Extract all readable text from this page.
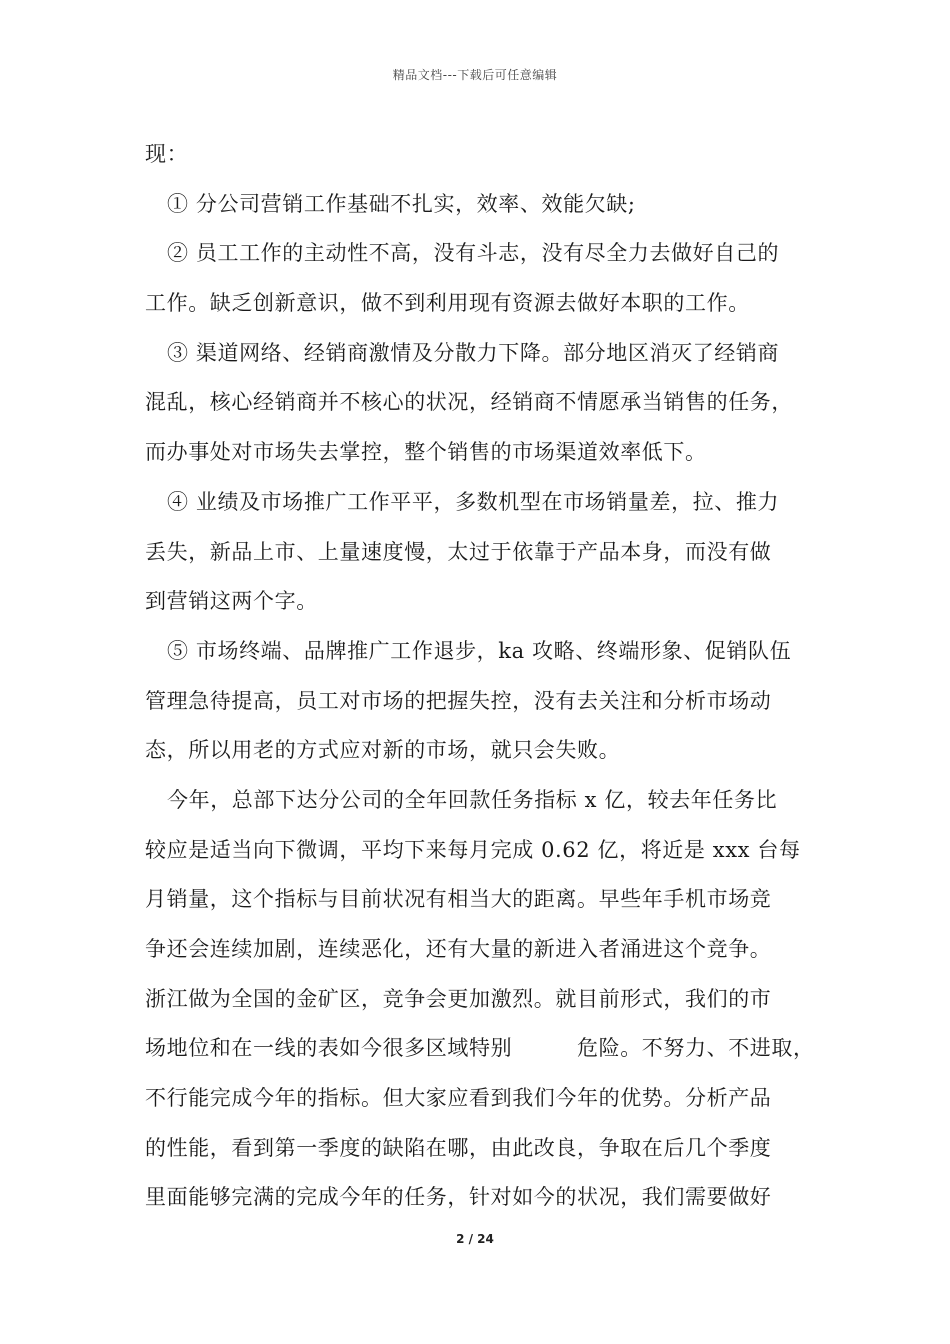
精品文档---下载后可任意编辑
现：
① 分公司营销工作基础不扎实，效率、效能欠缺;
② 员工工作的主动性不高，没有斗志，没有尽全力去做好自己的
工作。缺乏创新意识，做不到利用现有资源去做好本职的工作。
③ 渠道网络、经销商激情及分散力下降。部分地区消灭了经销商
混乱，核心经销商并不核心的状况，经销商不情愿承当销售的任务，
而办事处对市场失去掌控，整个销售的市场渠道效率低下。
④ 业绩及市场推广工作平平，多数机型在市场销量差，拉、推力
丢失，新品上市、上量速度慢，太过于依靠于产品本身，而没有做
到营销这两个字。
⑤ 市场终端、品牌推广工作退步，ka 攻略、终端形象、促销队伍
管理急待提高，员工对市场的把握失控，没有去关注和分析市场动
态，所以用老的方式应对新的市场，就只会失败。
今年，总部下达分公司的全年回款任务指标 x 亿，较去年任务比
较应是适当向下微调，平均下来每月完成 0.62 亿，将近是 xxx 台每
月销量，这个指标与目前状况有相当大的距离。早些年手机市场竞
争还会连续加剧，连续恶化，还有大量的新进入者涌进这个竞争。
浙江做为全国的金矿区，竞争会更加激烈。就目前形式，我们的市
场地位和在一线的表如今很多区域特别　　　危险。不努力、不进取，
不行能完成今年的指标。但大家应看到我们今年的优势。分析产品
的性能，看到第一季度的缺陷在哪，由此改良，争取在后几个季度
里面能够完满的完成今年的任务，针对如今的状况，我们需要做好
2 / 24
